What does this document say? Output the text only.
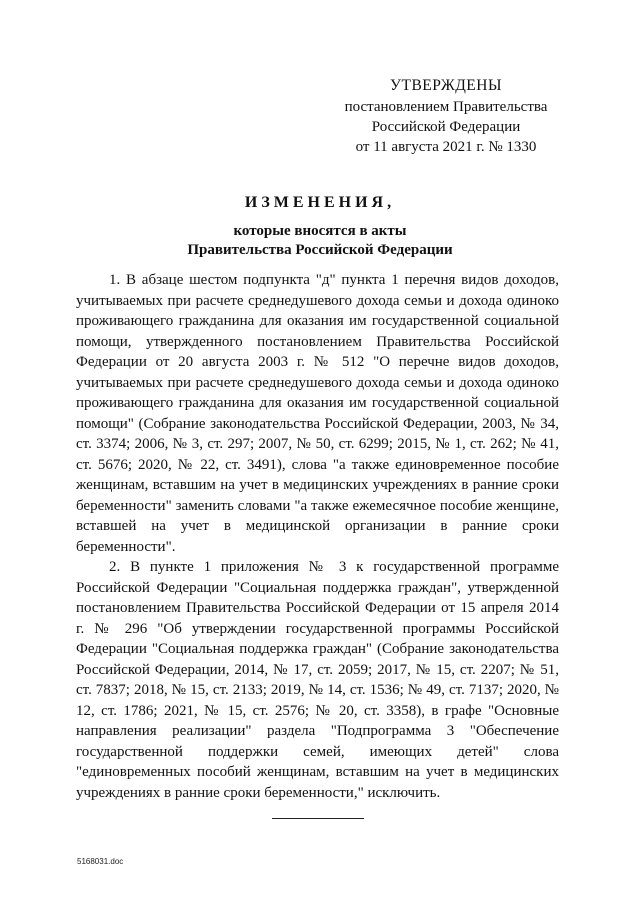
УТВЕРЖДЕНЫ
постановлением Правительства
Российской Федерации
от 11 августа 2021 г. № 1330
ИЗМЕНЕНИЯ,
которые вносятся в акты
Правительства Российской Федерации

1. В абзаце шестом подпункта "д" пункта 1 перечня видов доходов, учитываемых при расчете среднедушевого дохода семьи и дохода одиноко проживающего гражданина для оказания им государственной социальной помощи, утвержденного постановлением Правительства Российской Федерации от 20 августа 2003 г. № 512 "О перечне видов доходов, учитываемых при расчете среднедушевого дохода семьи и дохода одиноко проживающего гражданина для оказания им государственной социальной помощи" (Собрание законодательства Российской Федерации, 2003, № 34, ст. 3374; 2006, № 3, ст. 297; 2007, № 50, ст. 6299; 2015, № 1, ст. 262; № 41, ст. 5676; 2020, № 22, ст. 3491), слова "а также единовременное пособие женщинам, вставшим на учет в медицинских учреждениях в ранние сроки беременности" заменить словами "а также ежемесячное пособие женщине, вставшей на учет в медицинской организации в ранние сроки беременности".

2. В пункте 1 приложения № 3 к государственной программе Российской Федерации "Социальная поддержка граждан", утвержденной постановлением Правительства Российской Федерации от 15 апреля 2014 г. № 296 "Об утверждении государственной программы Российской Федерации "Социальная поддержка граждан" (Собрание законодательства Российской Федерации, 2014, № 17, ст. 2059; 2017, № 15, ст. 2207; № 51, ст. 7837; 2018, № 15, ст. 2133; 2019, № 14, ст. 1536; № 49, ст. 7137; 2020, № 12, ст. 1786; 2021, № 15, ст. 2576; № 20, ст. 3358), в графе "Основные направления реализации" раздела "Подпрограмма 3 "Обеспечение государственной поддержки семей, имеющих детей" слова "единовременных пособий женщинам, вставшим на учет в медицинских учреждениях в ранние сроки беременности," исключить.

5168031.doc
